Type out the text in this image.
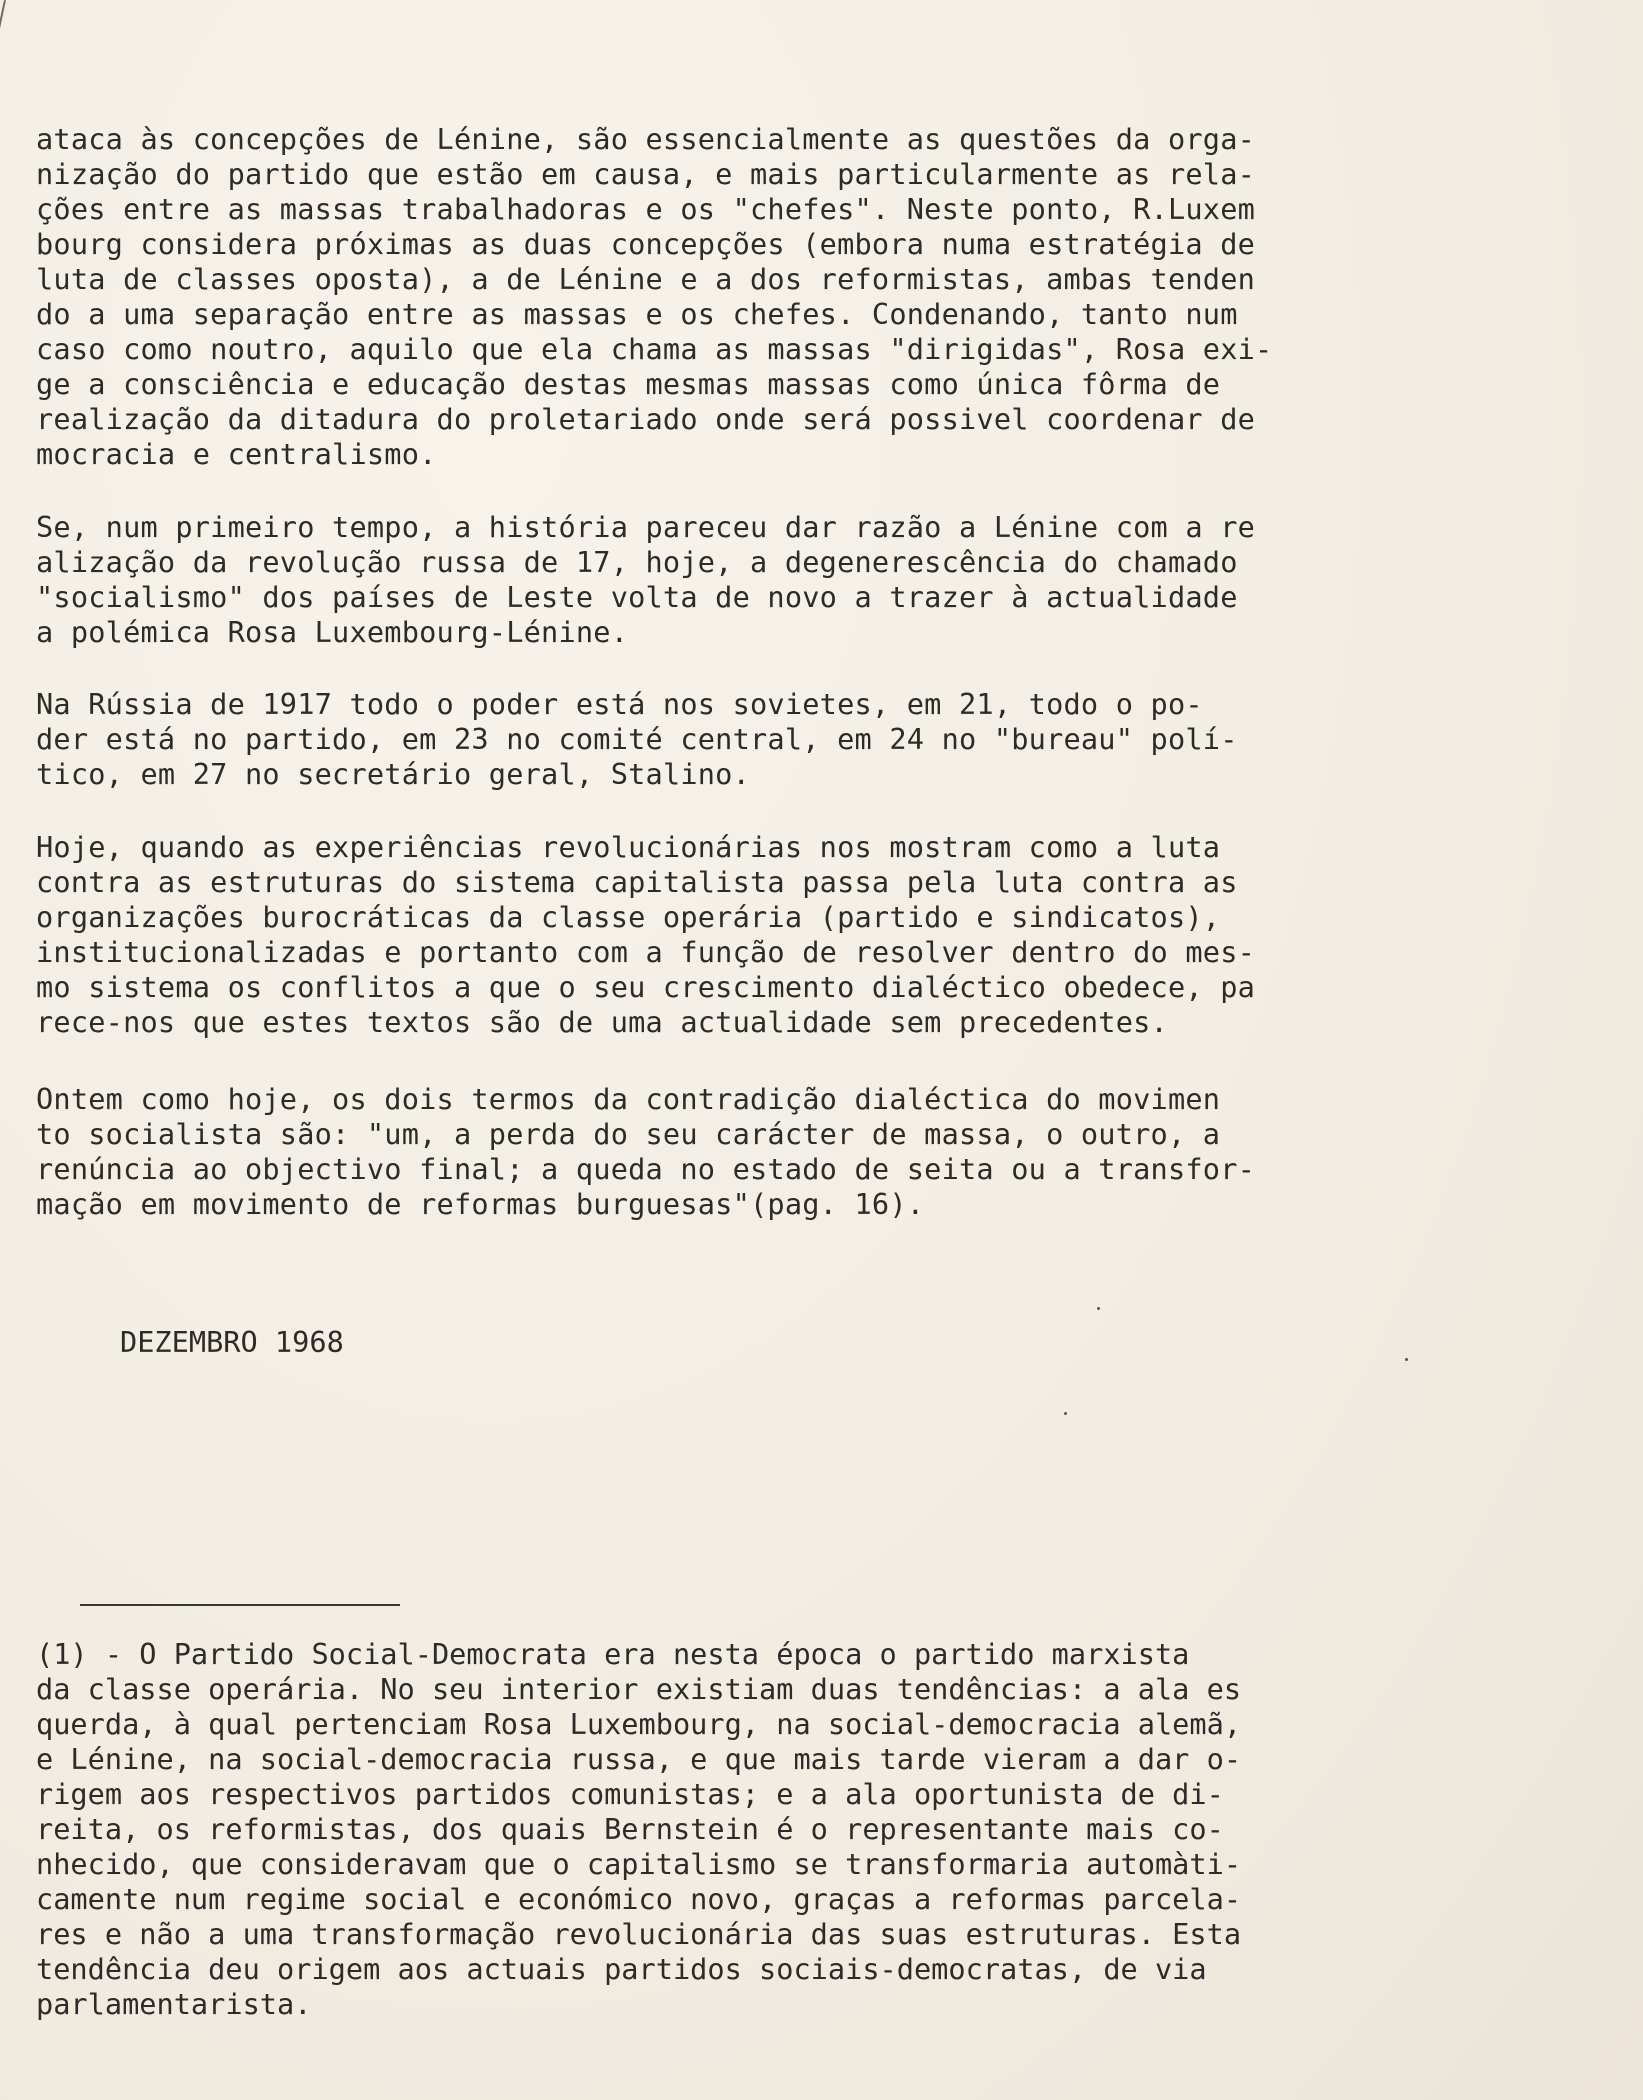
ataca às concepções de Lénine, são essencialmente as questões da orga-
nização do partido que estão em causa, e mais particularmente as rela-
ções entre as massas trabalhadoras e os "chefes". Neste ponto, R.Luxem
bourg considera próximas as duas concepções (embora numa estratégia de
luta de classes oposta), a de Lénine e a dos reformistas, ambas tenden
do a uma separação entre as massas e os chefes. Condenando, tanto num
caso como noutro, aquilo que ela chama as massas "dirigidas", Rosa exi-
ge a consciência e educação destas mesmas massas como única fôrma de
realização da ditadura do proletariado onde será possivel coordenar de
mocracia e centralismo.
Se, num primeiro tempo, a história pareceu dar razão a Lénine com a re
alização da revolução russa de 17, hoje, a degenerescência do chamado
"socialismo" dos países de Leste volta de novo a trazer à actualidade
a polémica Rosa Luxembourg-Lénine.
Na Rússia de 1917 todo o poder está nos sovietes, em 21, todo o po-
der está no partido, em 23 no comité central, em 24 no "bureau" polí-
tico, em 27 no secretário geral, Stalino.
Hoje, quando as experiências revolucionárias nos mostram como a luta
contra as estruturas do sistema capitalista passa pela luta contra as
organizações burocráticas da classe operária (partido e sindicatos),
institucionalizadas e portanto com a função de resolver dentro do mes-
mo sistema os conflitos a que o seu crescimento dialéctico obedece, pa
rece-nos que estes textos são de uma actualidade sem precedentes.
Ontem como hoje, os dois termos da contradição dialéctica do movimen
to socialista são: "um, a perda do seu carácter de massa, o outro, a
renúncia ao objectivo final; a queda no estado de seita ou a transfor-
mação em movimento de reformas burguesas"(pag. 16).
DEZEMBRO 1968
(1) - O Partido Social-Democrata era nesta época o partido marxista
da classe operária. No seu interior existiam duas tendências: a ala es
querda, à qual pertenciam Rosa Luxembourg, na social-democracia alemã,
e Lénine, na social-democracia russa, e que mais tarde vieram a dar o-
rigem aos respectivos partidos comunistas; e a ala oportunista de di-
reita, os reformistas, dos quais Bernstein é o representante mais co-
nhecido, que consideravam que o capitalismo se transformaria automàti-
camente num regime social e económico novo, graças a reformas parcela-
res e não a uma transformação revolucionária das suas estruturas. Esta
tendência deu origem aos actuais partidos sociais-democratas, de via
parlamentarista.
